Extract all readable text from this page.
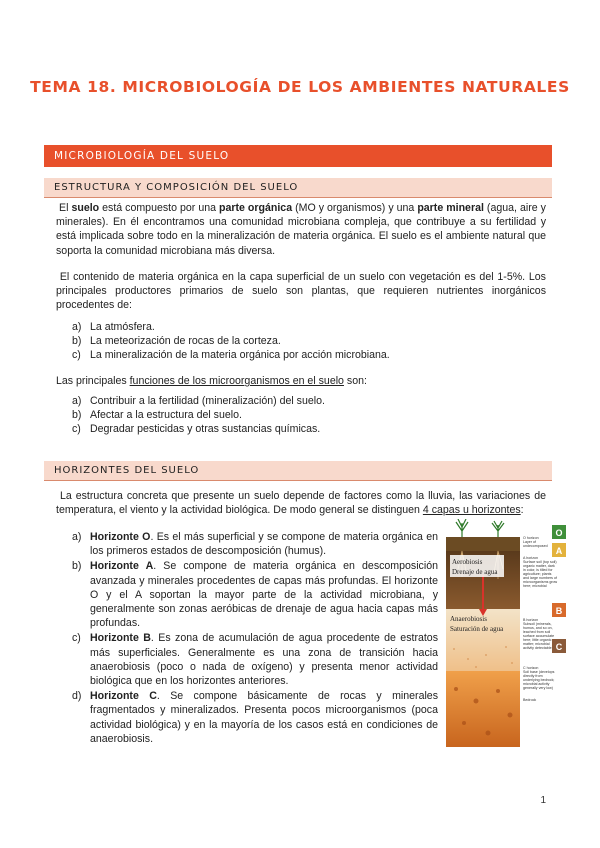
TEMA 18. MICROBIOLOGÍA DE LOS AMBIENTES NATURALES
MICROBIOLOGÍA DEL SUELO
ESTRUCTURA Y COMPOSICIÓN DEL SUELO

El suelo está compuesto por una parte orgánica (MO y organismos) y una parte mineral (agua, aire y minerales). En él encontramos una comunidad microbiana compleja, que contribuye a su fertilidad y está implicada sobre todo en la mineralización de materia orgánica. El suelo es el ambiente natural que soporta la comunidad microbiana más diversa.

El contenido de materia orgánica en la capa superficial de un suelo con vegetación es del 1-5%. Los principales productores primarios de suelo son plantas, que requieren nutrientes inorgánicos procedentes de:

a) La atmósfera.
b) La meteorización de rocas de la corteza.
c) La mineralización de la materia orgánica por acción microbiana.

Las principales funciones de los microorganismos en el suelo son:

a) Contribuir a la fertilidad (mineralización) del suelo.
b) Afectar a la estructura del suelo.
c) Degradar pesticidas y otras sustancias químicas.
HORIZONTES DEL SUELO

La estructura concreta que presente un suelo depende de factores como la lluvia, las variaciones de temperatura, el viento y la actividad biológica. De modo general se distinguen 4 capas u horizontes:

a) Horizonte O. Es el más superficial y se compone de materia orgánica en los primeros estados de descomposición (humus).
b) Horizonte A. Se compone de materia orgánica en descomposición avanzada y minerales procedentes de capas más profundas. El horizonte O y el A soportan la mayor parte de la actividad microbiana, y generalmente son zonas aeróbicas de drenaje de agua hacia capas más profundas.
c) Horizonte B. Es zona de acumulación de agua procedente de estratos más superficiales. Generalmente es una zona de transición hacia anaerobiosis (poco o nada de oxígeno) y presenta menor actividad biológica que en los horizontes anteriores.
d) Horizonte C. Se compone básicamente de rocas y minerales fragmentados y mineralizados. Presenta pocos microorganismos (poca actividad biológica) y en la mayoría de los casos está en condiciones de anaerobiosis.
Aerobiosis
Drenaje de agua
Anaerobiosis
Saturación de agua
O
A
B
C
O horizon
Layer of
undecomposed
A horizon
Surface soil (top soil)
organic matter, dark
in color, is tilled for
agriculture; plants
and large numbers of
microorganisms grow
here; microbial
B horizon
Subsoil (minerals,
humus, and so on,
leached from soil
surface accumulate
here; little organic
matter; microbial
activity detectable
C horizon
Soil base (develops
directly from
underlying bedrock;
microbial activity
generally very low)
Bedrock
1
